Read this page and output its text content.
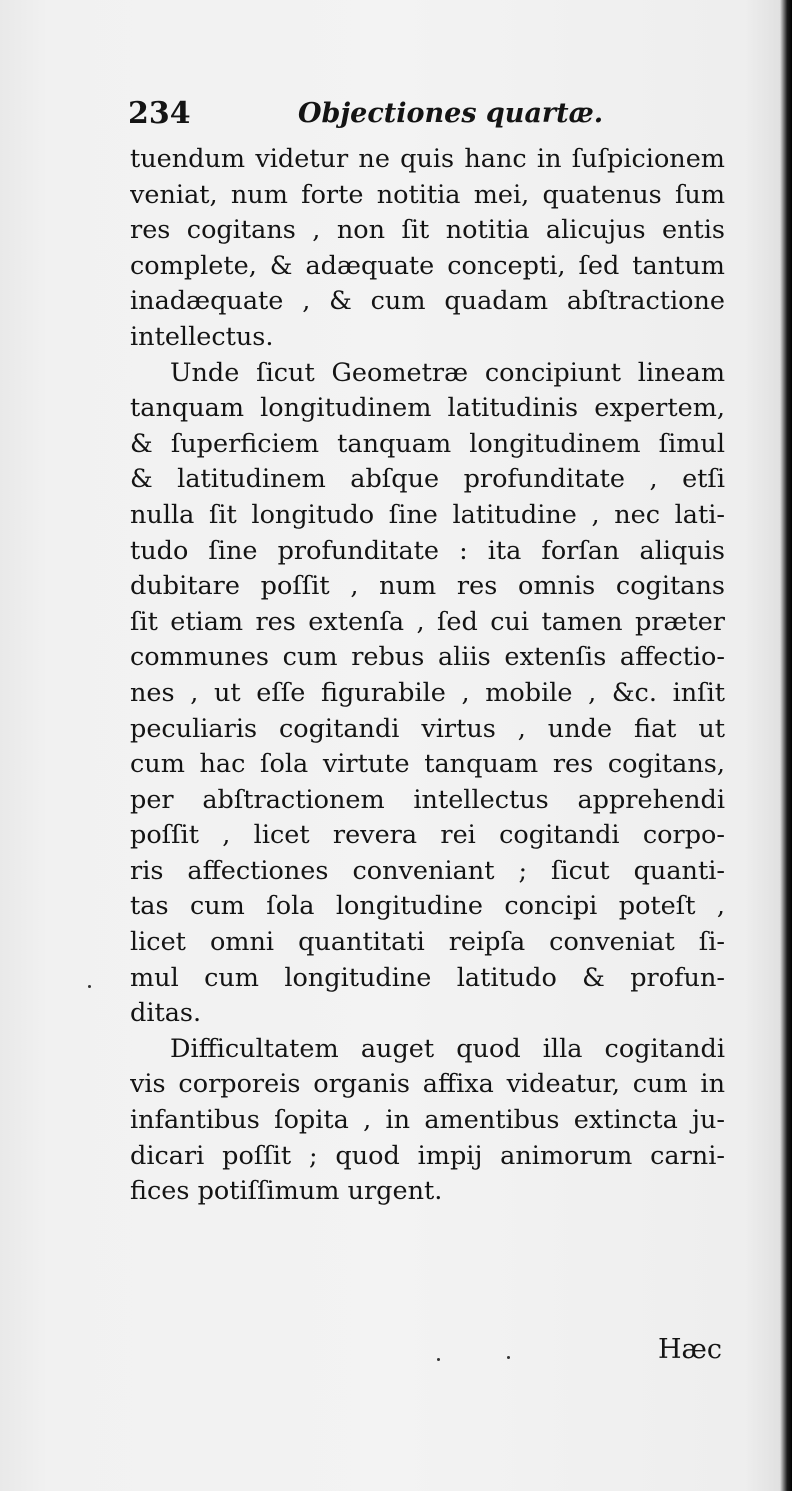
234	Objectiones quartæ.
tuendum videtur ne quis hanc in ſuſpicionem
veniat, num forte notitia mei, quatenus ſum
res cogitans , non ſit notitia alicujus entis
complete, & adæquate concepti, ſed tantum
inadæquate , & cum quadam abſtractione
intellectus.
Unde ſicut Geometræ concipiunt lineam
tanquam longitudinem latitudinis expertem,
& ſuperficiem tanquam longitudinem ſimul
& latitudinem abſque profunditate , etſi
nulla ſit longitudo ſine latitudine , nec lati-
tudo ſine profunditate : ita forſan aliquis
dubitare poſſit , num res omnis cogitans
ſit etiam res extenſa , ſed cui tamen præter
communes cum rebus aliis extenſis affectio-
nes , ut eſſe figurabile , mobile , &c. inſit
peculiaris cogitandi virtus , unde fiat ut
cum hac ſola virtute tanquam res cogitans,
per abſtractionem intellectus apprehendi
poſſit , licet revera rei cogitandi corpo-
ris affectiones conveniant ; ſicut quanti-
tas cum ſola longitudine concipi poteſt ,
licet omni quantitati reipſa conveniat ſi-
mul cum longitudine latitudo & profun-
ditas.
Difficultatem auget quod illa cogitandi
vis corporeis organis affixa videatur, cum in
infantibus ſopita , in amentibus extincta ju-
dicari poſſit ; quod impij animorum carni-
fices potiſſimum urgent.
Hæc
